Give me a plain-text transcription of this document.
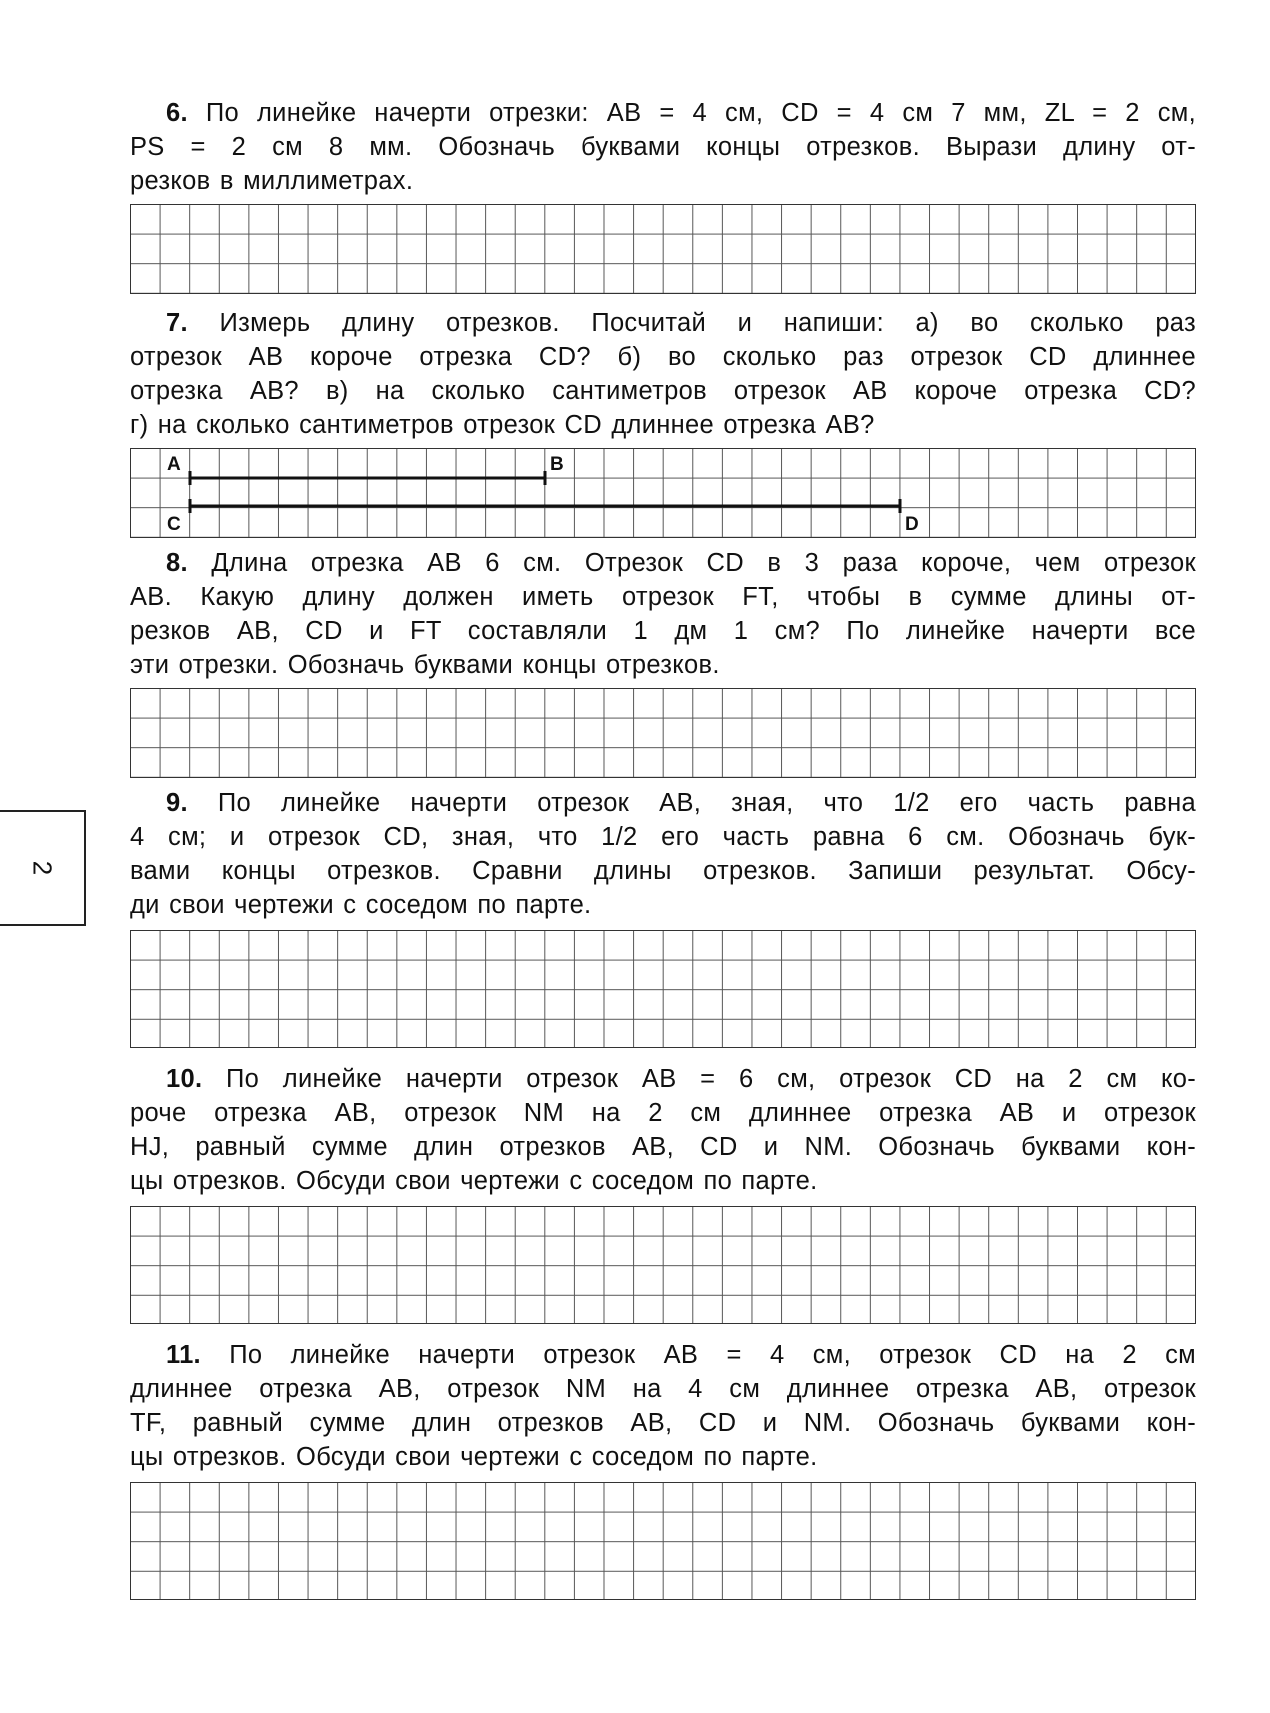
2
6. По линейке начерти отрезки: AB = 4 см, CD = 4 см 7 мм, ZL = 2 см,
PS = 2 см 8 мм. Обозначь буквами концы отрезков. Вырази длину от-
резков в миллиметрах.
7. Измерь длину отрезков. Посчитай и напиши: а) во сколько раз
отрезок AB короче отрезка CD? б) во сколько раз отрезок CD длиннее
отрезка AB? в) на сколько сантиметров отрезок AB короче отрезка CD?
г) на сколько сантиметров отрезок CD длиннее отрезка AB?
A	B
C	D
8. Длина отрезка AB 6 см. Отрезок CD в 3 раза короче, чем отрезок
AB. Какую длину должен иметь отрезок FT, чтобы в сумме длины от-
резков AB, CD и FT составляли 1 дм 1 см? По линейке начерти все
эти отрезки. Обозначь буквами концы отрезков.
9. По линейке начерти отрезок AB, зная, что 1/2 его часть равна
4 см; и отрезок CD, зная, что 1/2 его часть равна 6 см. Обозначь бук-
вами концы отрезков. Сравни длины отрезков. Запиши результат. Обсу-
ди свои чертежи с соседом по парте.
10. По линейке начерти отрезок AB = 6 см, отрезок CD на 2 см ко-
роче отрезка AB, отрезок NM на 2 см длиннее отрезка AB и отрезок
HJ, равный сумме длин отрезков AB, CD и NM. Обозначь буквами кон-
цы отрезков. Обсуди свои чертежи с соседом по парте.
11. По линейке начерти отрезок AB = 4 см, отрезок CD на 2 см
длиннее отрезка AB, отрезок NM на 4 см длиннее отрезка AB, отрезок
TF, равный сумме длин отрезков AB, CD и NM. Обозначь буквами кон-
цы отрезков. Обсуди свои чертежи с соседом по парте.
